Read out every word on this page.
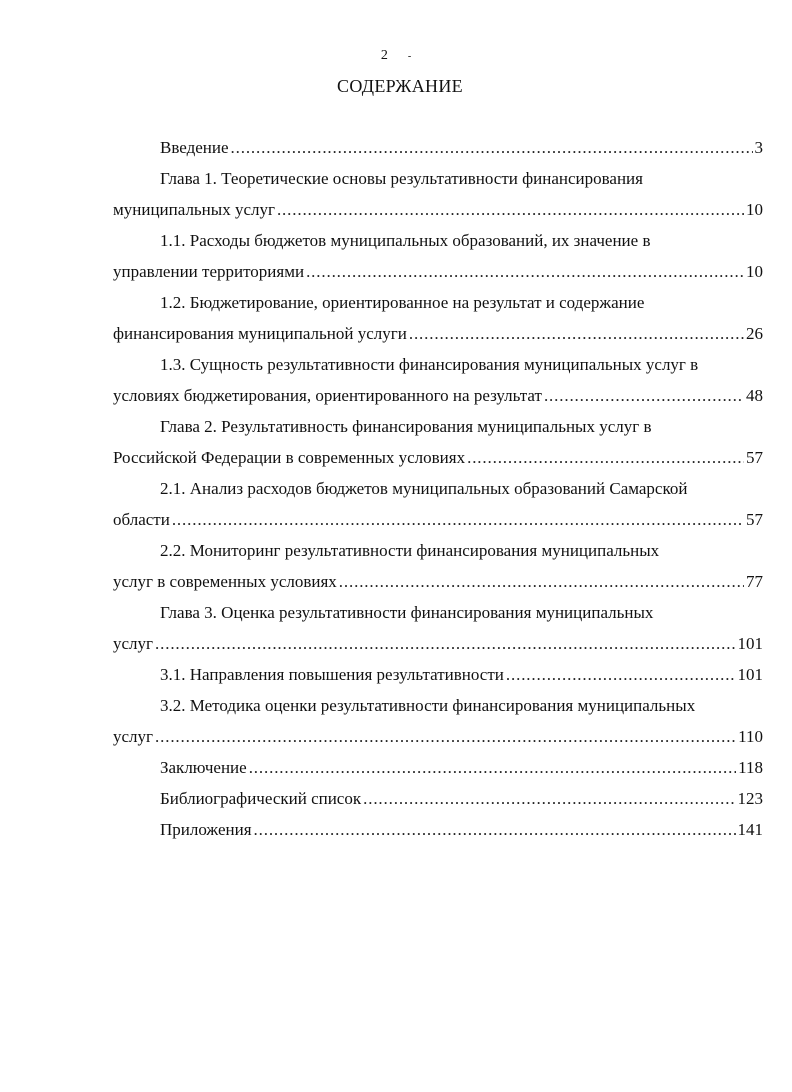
2 -
СОДЕРЖАНИЕ
Введение . . .	3
Глава 1. Теоретические основы результативности финансирования
муниципальных услуг . . .	10
1.1. Расходы бюджетов муниципальных образований, их значение в
управлении территориями . . .	10
1.2. Бюджетирование, ориентированное на результат и содержание
финансирования муниципальной услуги . . .	26
1.3. Сущность результативности финансирования муниципальных услуг в
условиях бюджетирования, ориентированного на результат . . .	48
Глава 2. Результативность финансирования муниципальных услуг в
Российской Федерации в современных условиях . . .	57
2.1. Анализ расходов бюджетов муниципальных образований Самарской
области . . .	57
2.2. Мониторинг результативности финансирования муниципальных
услуг в современных условиях . . .	77
Глава 3. Оценка результативности финансирования муниципальных
услуг . . .	101
3.1. Направления повышения результативности . . .	101
3.2. Методика оценки результативности финансирования муниципальных
услуг . . .	110
Заключение . . .	118
Библиографический список . . .	123
Приложения . . .	141
